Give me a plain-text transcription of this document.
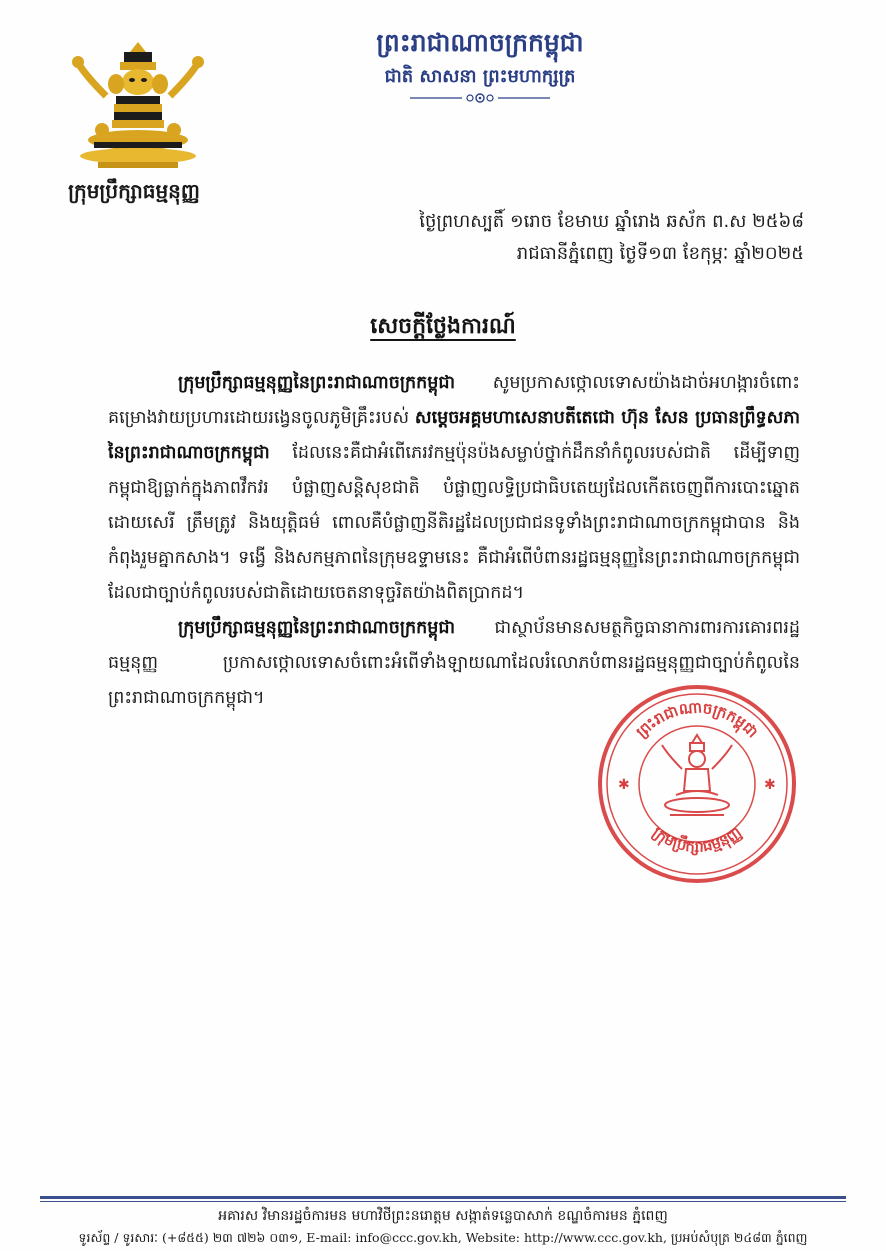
ក្រុមប្រឹក្សាធម្មនុញ្ញ
ព្រះរាជាណាចក្រកម្ពុជា
ជាតិ សាសនា ព្រះមហាក្សត្រ
ថ្ងៃព្រហស្បតិ៍ ១រោច ខែមាឃ ឆ្នាំរោង ឆស័ក ព.ស ២៥៦៨
រាជធានីភ្នំពេញ ថ្ងៃទី១៣ ខែកុម្ភៈ ឆ្នាំ២០២៥
សេចក្ដីថ្លែងការណ៍

ក្រុមប្រឹក្សាធម្មនុញ្ញនៃព្រះរាជាណាចក្រកម្ពុជា សូមប្រកាសថ្កោលទោសយ៉ាងដាច់អហង្ការចំពោះគម្រោងវាយប្រហារដោយរង្វេនចូលភូមិគ្រឹះរបស់ សម្ដេចអគ្គមហាសេនាបតីតេជោ ហ៊ុន សែន ប្រធានព្រឹទ្ធសភានៃព្រះរាជាណាចក្រកម្ពុជា ដែលនេះគឺជាអំពើភេរវកម្មប៉ុនប៉ងសម្លាប់ថ្នាក់ដឹកនាំកំពូលរបស់ជាតិ ដើម្បីទាញកម្ពុជាឱ្យធ្លាក់ក្នុងភាពវឹកវរ បំផ្លាញសន្តិសុខជាតិ បំផ្លាញលទ្ធិប្រជាធិបតេយ្យដែលកើតចេញពីការបោះឆ្នោតដោយសេរី ត្រឹមត្រូវ និងយុត្តិធម៌ ពោលគឺបំផ្លាញនីតិរដ្ឋដែលប្រជាជនទូទាំងព្រះរាជាណាចក្រកម្ពុជាបាន និងកំពុងរួមគ្នាកសាង។ ទង្វើ និងសកម្មភាពនៃក្រុមឧទ្ទាមនេះ គឺជាអំពើបំពានរដ្ឋធម្មនុញ្ញនៃព្រះរាជាណាចក្រកម្ពុជាដែលជាច្បាប់កំពូលរបស់ជាតិដោយចេតនាទុច្ចរិតយ៉ាងពិតប្រាកដ។

ក្រុមប្រឹក្សាធម្មនុញ្ញនៃព្រះរាជាណាចក្រកម្ពុជា ជាស្ថាប័នមានសមត្ថកិច្ចធានាការពារការគោរពរដ្ឋធម្មនុញ្ញ ប្រកាសថ្កោលទោសចំពោះអំពើទាំងឡាយណាដែលរំលោភបំពានរដ្ឋធម្មនុញ្ញជាច្បាប់កំពូលនៃព្រះរាជាណាចក្រកម្ពុជា។

ព្រះរាជាណាចក្រកម្ពុជា
ក្រុមប្រឹក្សាធម្មនុញ្ញ
✱	✱
អគារស វិមានរដ្ឋចំការមន មហាវិថីព្រះនរោត្តម សង្កាត់ទន្លេបាសាក់ ខណ្ឌចំការមន ភ្នំពេញ
ទូរស័ព្ទ / ទូរសារៈ (+៨៥៥) ២៣ ៧២៦ ០៣១, E-mail: info@ccc.gov.kh, Website: http://www.ccc.gov.kh, ប្រអប់សំបុត្រ ២៤៨៣ ភ្នំពេញ
